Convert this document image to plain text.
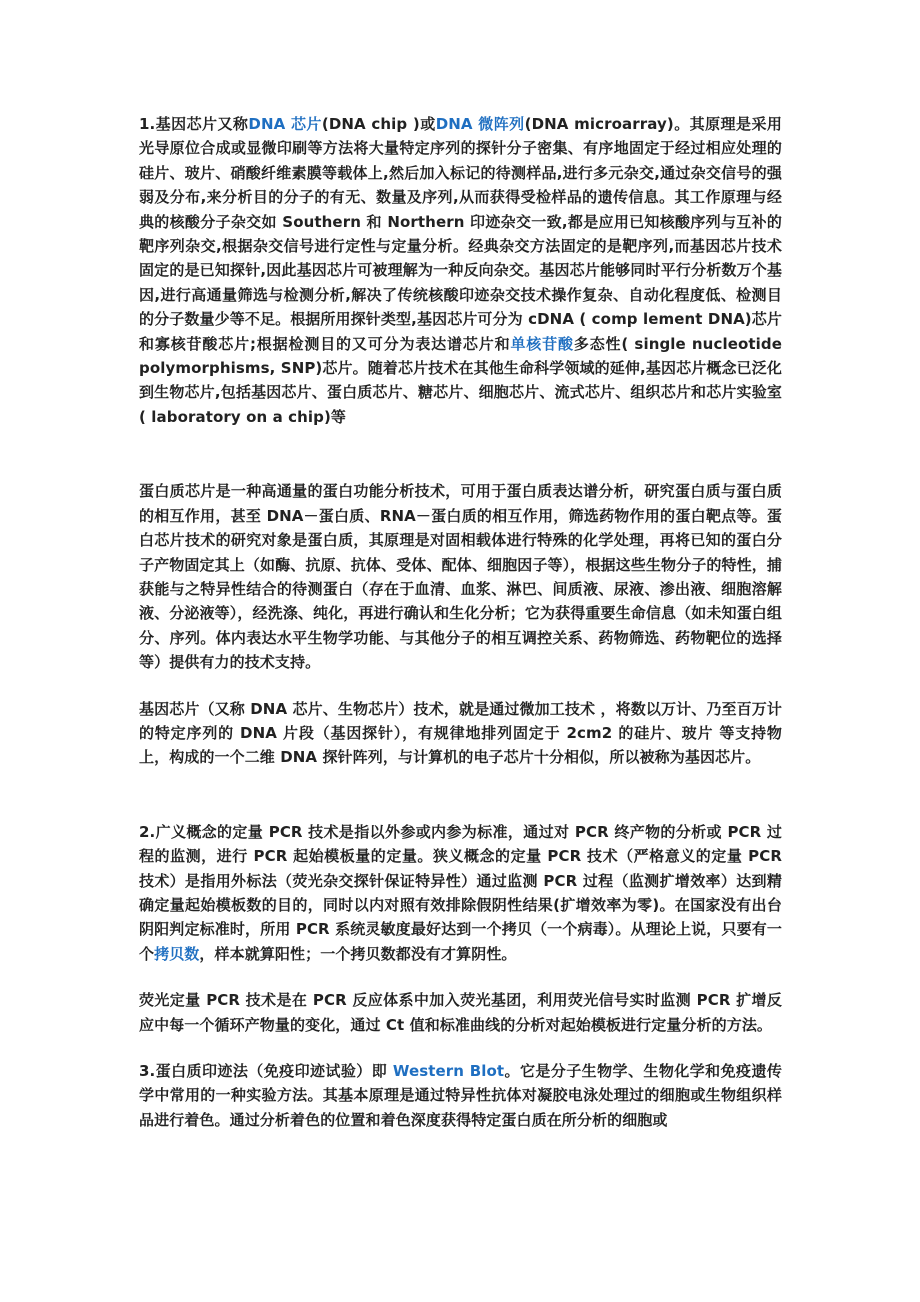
1.基因芯片又称DNA 芯片(DNA chip )或DNA 微阵列(DNA microarray)。其原理是采用光导原位合成或显微印刷等方法将大量特定序列的探针分子密集、有序地固定于经过相应处理的硅片、玻片、硝酸纤维素膜等载体上,然后加入标记的待测样品,进行多元杂交,通过杂交信号的强弱及分布,来分析目的分子的有无、数量及序列,从而获得受检样品的遗传信息。其工作原理与经典的核酸分子杂交如 Southern 和 Northern 印迹杂交一致,都是应用已知核酸序列与互补的靶序列杂交,根据杂交信号进行定性与定量分析。经典杂交方法固定的是靶序列,而基因芯片技术固定的是已知探针,因此基因芯片可被理解为一种反向杂交。基因芯片能够同时平行分析数万个基因,进行高通量筛选与检测分析,解决了传统核酸印迹杂交技术操作复杂、自动化程度低、检测目的分子数量少等不足。根据所用探针类型,基因芯片可分为 cDNA ( comp lement DNA)芯片和寡核苷酸芯片;根据检测目的又可分为表达谱芯片和单核苷酸多态性( single nucleotide polymorphisms, SNP)芯片。随着芯片技术在其他生命科学领域的延伸,基因芯片概念已泛化到生物芯片,包括基因芯片、蛋白质芯片、糖芯片、细胞芯片、流式芯片、组织芯片和芯片实验室( laboratory on a chip)等

蛋白质芯片是一种高通量的蛋白功能分析技术，可用于蛋白质表达谱分析，研究蛋白质与蛋白质的相互作用，甚至 DNA－蛋白质、RNA－蛋白质的相互作用，筛选药物作用的蛋白靶点等。蛋白芯片技术的研究对象是蛋白质，其原理是对固相载体进行特殊的化学处理，再将已知的蛋白分子产物固定其上（如酶、抗原、抗体、受体、配体、细胞因子等），根据这些生物分子的特性，捕获能与之特异性结合的待测蛋白（存在于血清、血浆、淋巴、间质液、尿液、渗出液、细胞溶解液、分泌液等），经洗涤、纯化，再进行确认和生化分析；它为获得重要生命信息（如未知蛋白组分、序列。体内表达水平生物学功能、与其他分子的相互调控关系、药物筛选、药物靶位的选择等）提供有力的技术支持。

基因芯片（又称 DNA 芯片、生物芯片）技术，就是通过微加工技术 ，将数以万计、乃至百万计的特定序列的 DNA 片段（基因探针），有规律地排列固定于 2cm2 的硅片、玻片 等支持物上，构成的一个二维 DNA 探针阵列，与计算机的电子芯片十分相似，所以被称为基因芯片。

2.广义概念的定量 PCR 技术是指以外参或内参为标准，通过对 PCR 终产物的分析或 PCR 过程的监测，进行 PCR 起始模板量的定量。狭义概念的定量 PCR 技术（严格意义的定量 PCR 技术）是指用外标法（荧光杂交探针保证特异性）通过监测 PCR 过程（监测扩增效率）达到精确定量起始模板数的目的，同时以内对照有效排除假阴性结果(扩增效率为零)。在国家没有出台阴阳判定标准时，所用 PCR 系统灵敏度最好达到一个拷贝（一个病毒）。从理论上说，只要有一个拷贝数，样本就算阳性；一个拷贝数都没有才算阴性。

荧光定量 PCR 技术是在 PCR 反应体系中加入荧光基团，利用荧光信号实时监测 PCR 扩增反应中每一个循环产物量的变化，通过 Ct 值和标准曲线的分析对起始模板进行定量分析的方法。

3.蛋白质印迹法（免疫印迹试验）即 Western Blot。它是分子生物学、生物化学和免疫遗传学中常用的一种实验方法。其基本原理是通过特异性抗体对凝胶电泳处理过的细胞或生物组织样品进行着色。通过分析着色的位置和着色深度获得特定蛋白质在所分析的细胞或
